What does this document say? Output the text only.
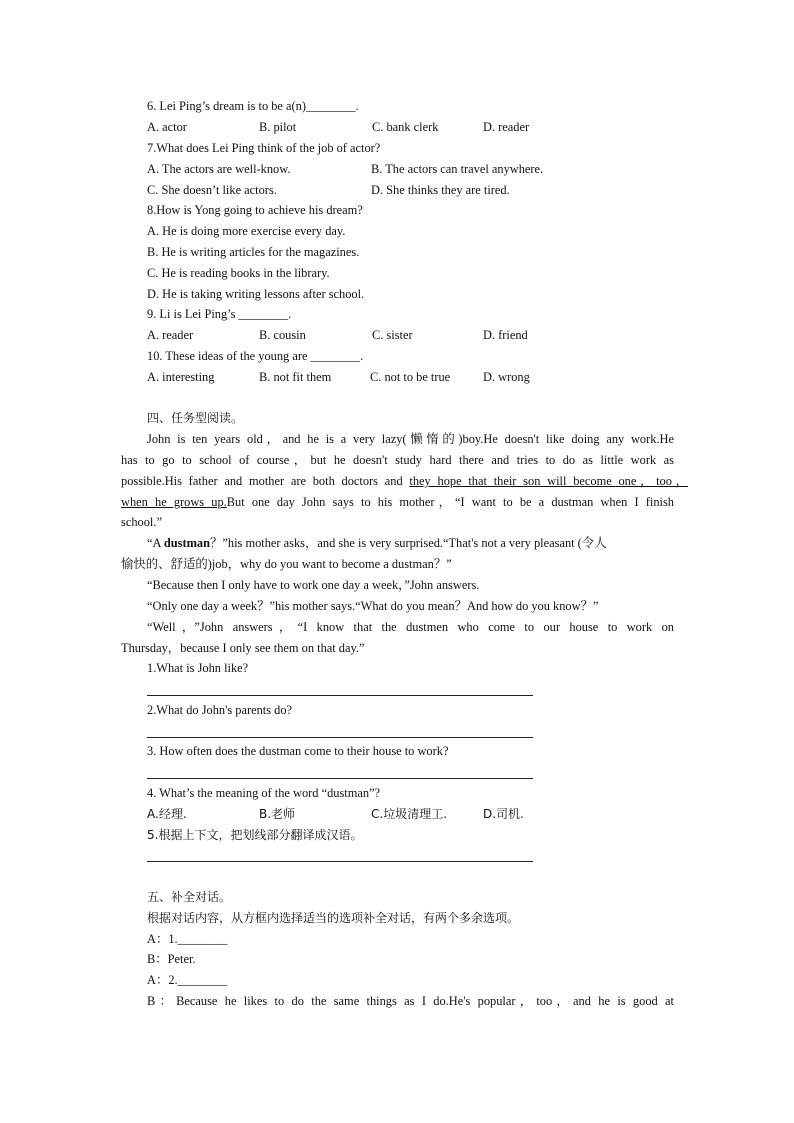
6. Lei Ping’s dream is to be a(n)________.
A. actor	B. pilot	C. bank clerk	D. reader
7.What does Lei Ping think of the job of actor?
A. The actors are well-know.	B. The actors can travel anywhere.
C. She doesn’t like actors.	D. She thinks they are tired.
8.How is Yong going to achieve his dream?
A. He is doing more exercise every day.
B. He is writing articles for the magazines.
C. He is reading books in the library.
D. He is taking writing lessons after school.
9. Li is Lei Ping’s ________.
A. reader	B. cousin	C. sister	D. friend
10. These ideas of the young are ________.
A. interesting	B. not fit them	C. not to be true	D. wrong
四、任务型阅读。
John is ten years old，and he is a very lazy(懒惰的)boy.He doesn't like doing any work.He
has to go to school of course，but he doesn't study hard there and tries to do as little work as
possible.His father and mother are both doctors and they hope that their son will become one，too，
when he grows up.But one day John says to his mother，“I want to be a dustman when I finish
school.”
“A dustman？”his mother asks，and she is very surprised.“That's not a very pleasant (令人
愉快的、舒适的)job，why do you want to become a dustman？”
“Because then I only have to work one day a week，”John answers.
“Only one day a week？”his mother says.“What do you mean？And how do you know？”
“Well，”John answers，“I know that the dustmen who come to our house to work on
Thursday，because I only see them on that day.”
1.What is John like?
2.What do John's parents do?
3. How often does the dustman come to their house to work?
4. What’s the meaning of the word “dustman”?
A.经理.	B.老师	C.垃圾清理工.	D.司机.
5.根据上下文，把划线部分翻译成汉语。
五、补全对话。
根据对话内容，从方框内选择适当的选项补全对话，有两个多余选项。
A：1.________
B：Peter.
A：2.________
B：Because he likes to do the same things as I do.He's popular，too，and he is good at
